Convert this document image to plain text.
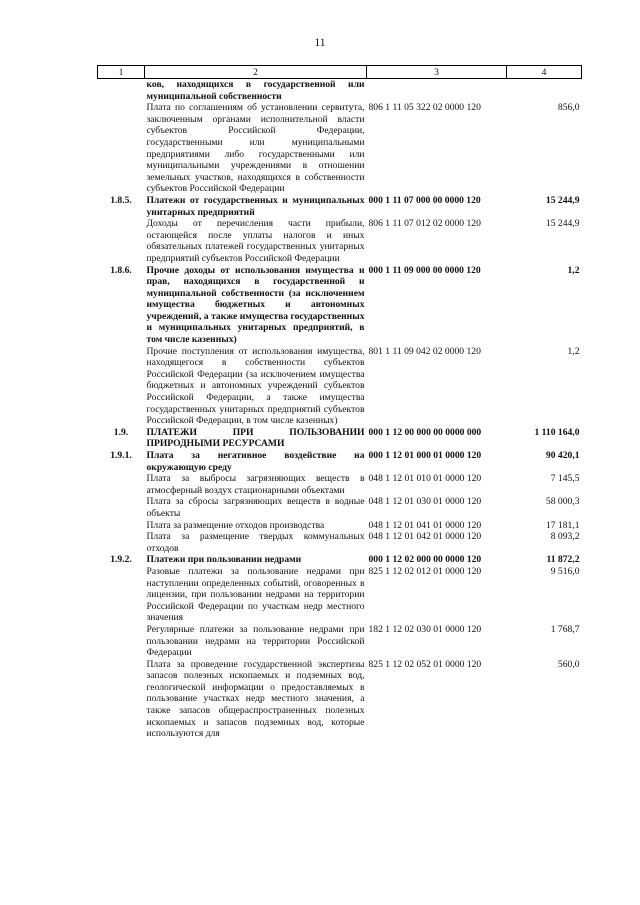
11
1	2	3	4
	ков, находящихся в государственной или муниципальной собственности		
	Плата по соглашениям об установлении сервитута, заключенным органами исполнительной власти субъектов Российской Федерации, государственными или муниципальными предприятиями либо государственными или муниципальными учреждениями в отношении земельных участков, находящихся в собственности субъектов Российской Федерации	806 1 11 05 322 02 0000 120	856,0
1.8.5.	Платежи от государственных и муниципальных унитарных предприятий	000 1 11 07 000 00 0000 120	15 244,9
	Доходы от перечисления части прибыли, остающейся после уплаты налогов и иных обязательных платежей государственных унитарных предприятий субъектов Российской Федерации	806 1 11 07 012 02 0000 120	15 244,9
1.8.6.	Прочие доходы от использования имущества и прав, находящихся в государственной и муниципальной собственности (за исключением имущества бюджетных и автономных учреждений, а также имущества государственных и муниципальных унитарных предприятий, в том числе казенных)	000 1 11 09 000 00 0000 120	1,2
	Прочие поступления от использования имущества, находящегося в собственности субъектов Российской Федерации (за исключением имущества бюджетных и автономных учреждений субъектов Российской Федерации, а также имущества государственных унитарных предприятий субъектов Российской Федерации, в том числе казенных)	801 1 11 09 042 02 0000 120	1,2
1.9.	ПЛАТЕЖИ ПРИ ПОЛЬЗОВАНИИ ПРИРОДНЫМИ РЕСУРСАМИ	000 1 12 00 000 00 0000 000	1 110 164,0
1.9.1.	Плата за негативное воздействие на окружающую среду	000 1 12 01 000 01 0000 120	90 420,1
	Плата за выбросы загрязняющих веществ в атмосферный воздух стационарными объектами	048 1 12 01 010 01 0000 120	7 145,5
	Плата за сбросы загрязняющих веществ в водные объекты	048 1 12 01 030 01 0000 120	58 000,3
	Плата за размещение отходов производства	048 1 12 01 041 01 0000 120	17 181,1
	Плата за размещение твердых коммунальных отходов	048 1 12 01 042 01 0000 120	8 093,2
1.9.2.	Платежи при пользовании недрами	000 1 12 02 000 00 0000 120	11 872,2
	Разовые платежи за пользование недрами при наступлении определенных событий, оговоренных в лицензии, при пользовании недрами на территории Российской Федерации по участкам недр местного значения	825 1 12 02 012 01 0000 120	9 516,0
	Регулярные платежи за пользование недрами при пользовании недрами на территории Российской Федерации	182 1 12 02 030 01 0000 120	1 768,7
	Плата за проведение государственной экспертизы запасов полезных ископаемых и подземных вод, геологической информации о предоставляемых в пользование участках недр местного значения, а также запасов общераспространенных полезных ископаемых и запасов подземных вод, которые используются для	825 1 12 02 052 01 0000 120	560,0
